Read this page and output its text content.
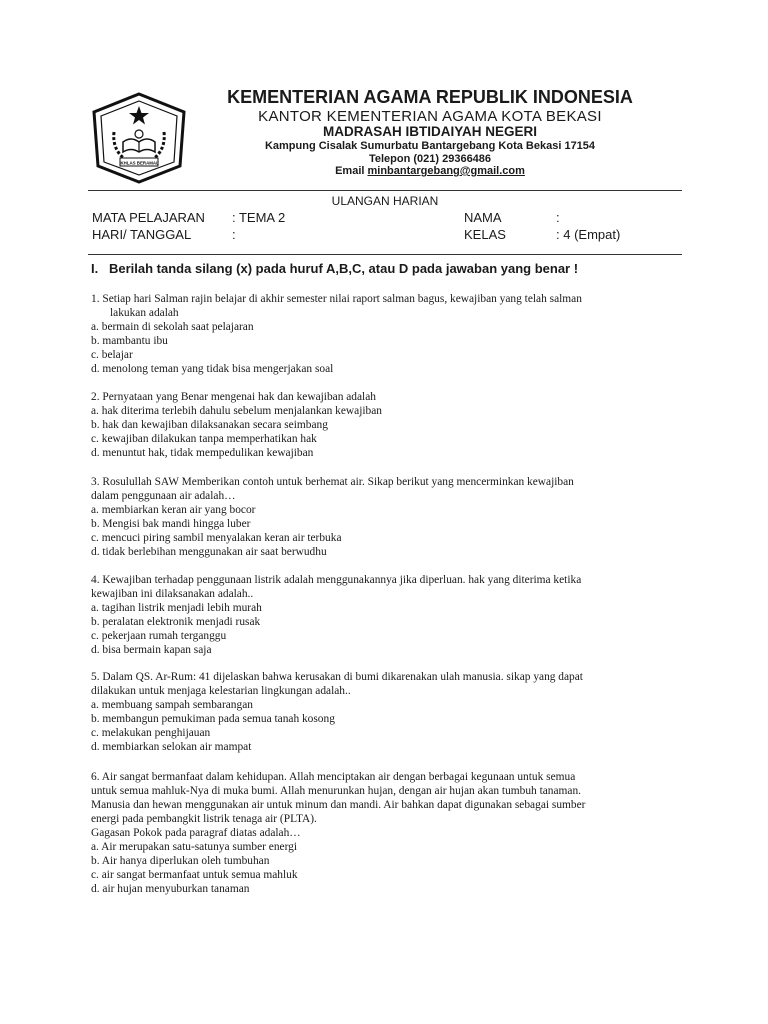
IKHLAS BERAMAL
KEMENTERIAN AGAMA REPUBLIK INDONESIA
KANTOR KEMENTERIAN AGAMA KOTA BEKASI
MADRASAH IBTIDAIYAH NEGERI
Kampung Cisalak Sumurbatu Bantargebang Kota Bekasi 17154
Telepon (021) 29366486
Email minbantargebang@gmail.com
ULANGAN HARIAN
MATA PELAJARAN : TEMA 2
HARI/ TANGGAL	:
NAMA	:
KELAS	: 4 (Empat)
I. Berilah tanda silang (x) pada huruf A,B,C, atau D pada jawaban yang benar !
1. Setiap hari Salman rajin belajar di akhir semester nilai raport salman bagus, kewajiban yang telah salman
lakukan adalah
a. bermain di sekolah saat pelajaran
b. mambantu ibu
c. belajar
d. menolong teman yang tidak bisa mengerjakan soal
2. Pernyataan yang Benar mengenai hak dan kewajiban adalah
a. hak diterima terlebih dahulu sebelum menjalankan kewajiban
b. hak dan kewajiban dilaksanakan secara seimbang
c. kewajiban dilakukan tanpa memperhatikan hak
d. menuntut hak, tidak mempedulikan kewajiban
3. Rosulullah SAW Memberikan contoh untuk berhemat air. Sikap berikut yang mencerminkan kewajiban
dalam penggunaan air adalah…
a. membiarkan keran air yang bocor
b. Mengisi bak mandi hingga luber
c. mencuci piring sambil menyalakan keran air terbuka
d. tidak berlebihan menggunakan air saat berwudhu
4. Kewajiban terhadap penggunaan listrik adalah menggunakannya jika diperluan. hak yang diterima ketika
kewajiban ini dilaksanakan adalah..
a. tagihan listrik menjadi lebih murah
b. peralatan elektronik menjadi rusak
c. pekerjaan rumah terganggu
d. bisa bermain kapan saja
5. Dalam QS. Ar-Rum: 41 dijelaskan bahwa kerusakan di bumi dikarenakan ulah manusia. sikap yang dapat
dilakukan untuk menjaga kelestarian lingkungan adalah..
a. membuang sampah sembarangan
b. membangun pemukiman pada semua tanah kosong
c. melakukan penghijauan
d. membiarkan selokan air mampat
6. Air sangat bermanfaat dalam kehidupan. Allah menciptakan air dengan berbagai kegunaan untuk semua
untuk semua mahluk-Nya di muka bumi. Allah menurunkan hujan, dengan air hujan akan tumbuh tanaman.
Manusia dan hewan menggunakan air untuk minum dan mandi. Air bahkan dapat digunakan sebagai sumber
energi pada pembangkit listrik tenaga air (PLTA).
Gagasan Pokok pada paragraf diatas adalah…
a. Air merupakan satu-satunya sumber energi
b. Air hanya diperlukan oleh tumbuhan
c. air sangat bermanfaat untuk semua mahluk
d. air hujan menyuburkan tanaman
